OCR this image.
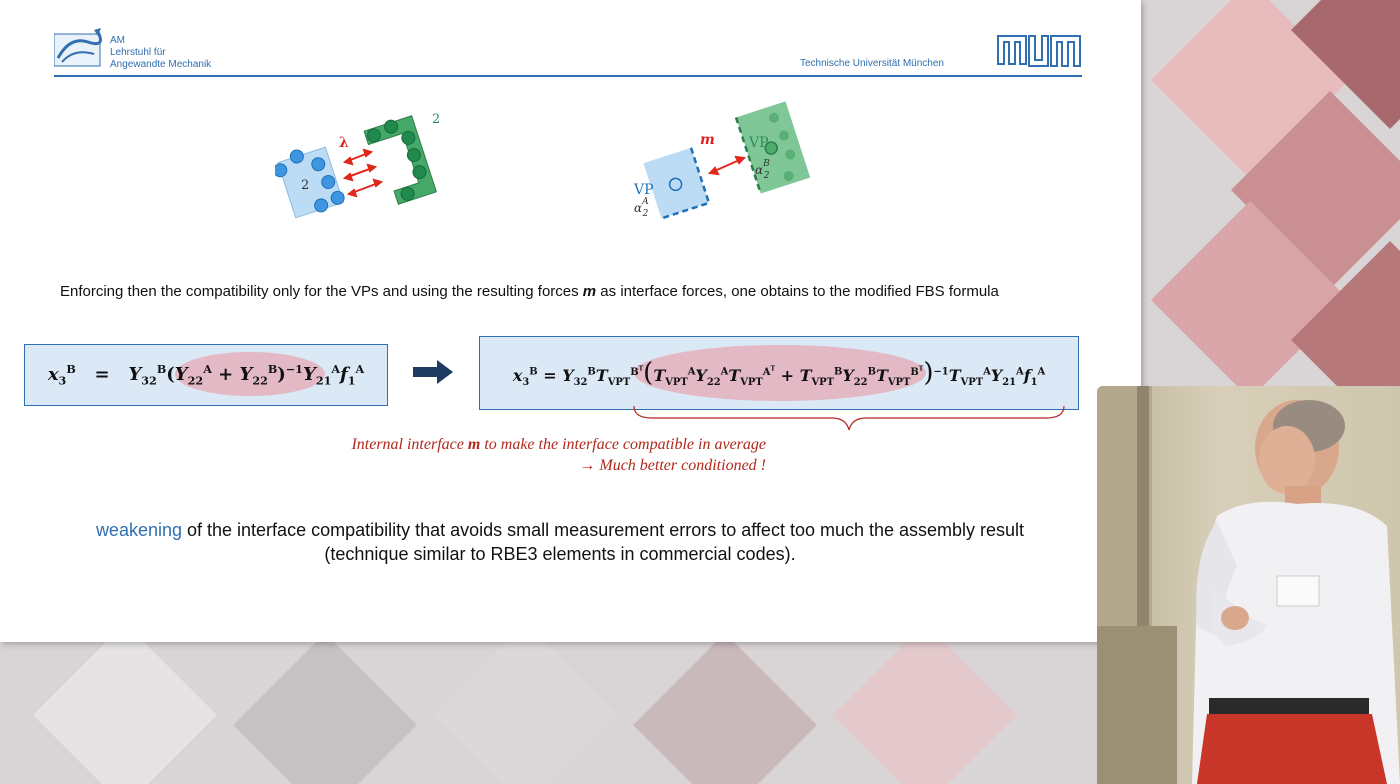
AM
Lehrstuhl für
Angewandte Mechanik	Technische Universität München
2
2
λ	m VP
$\alpha^B$ 2
VP
$\alpha^A$ 2
Enforcing then the compatibility only for the VPs and using the resulting forces m as interface forces, one obtains to the modified FBS formula
$x_3^B = Y_{32}^B(Y_{22}^A + Y_{22}^B)^{-1}Y_{21}^Af_1^A$	$x_3^B = Y_{32}^BT_{VPT}^{B^T}(T_{VPT}^AY_{22}^AT_{VPT}^{A^T} + T_{VPT}^BY_{22}^BT_{VPT}^{B^T})^{-1}T_{VPT}^AY_{21}^Af_1^A$
Internal interface m to make the interface compatible in average
→ Much better conditioned !
weakening of the interface compatibility that avoids small measurement errors to affect too much the assembly result
(technique similar to RBE3 elements in commercial codes).
